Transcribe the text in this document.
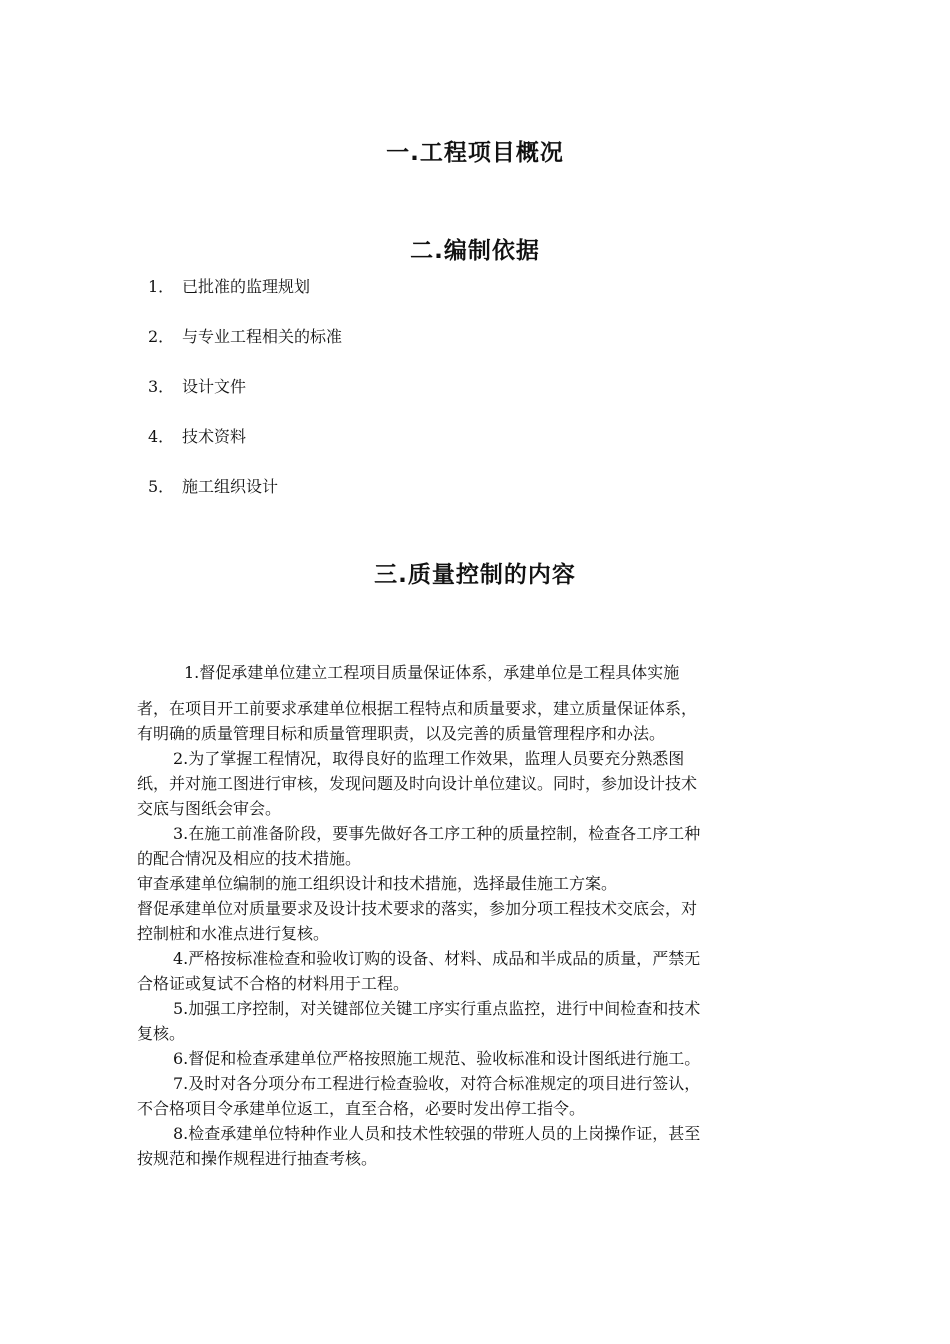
一.工程项目概况
二.编制依据
1． 已批准的监理规划
2． 与专业工程相关的标准
3． 设计文件
4． 技术资料
5． 施工组织设计
三.质量控制的内容

1.督促承建单位建立工程项目质量保证体系，承建单位是工程具体实施

者，在项目开工前要求承建单位根据工程特点和质量要求，建立质量保证体系，

有明确的质量管理目标和质量管理职责，以及完善的质量管理程序和办法。

2.为了掌握工程情况，取得良好的监理工作效果，监理人员要充分熟悉图

纸，并对施工图进行审核，发现问题及时向设计单位建议。同时，参加设计技术

交底与图纸会审会。

3.在施工前准备阶段，要事先做好各工序工种的质量控制，检查各工序工种

的配合情况及相应的技术措施。

审查承建单位编制的施工组织设计和技术措施，选择最佳施工方案。

督促承建单位对质量要求及设计技术要求的落实，参加分项工程技术交底会，对

控制桩和水准点进行复核。

4.严格按标准检查和验收订购的设备、材料、成品和半成品的质量，严禁无

合格证或复试不合格的材料用于工程。

5.加强工序控制，对关键部位关键工序实行重点监控，进行中间检查和技术

复核。

6.督促和检查承建单位严格按照施工规范、验收标准和设计图纸进行施工。

7.及时对各分项分布工程进行检查验收，对符合标准规定的项目进行签认，

不合格项目令承建单位返工，直至合格，必要时发出停工指令。

8.检查承建单位特种作业人员和技术性较强的带班人员的上岗操作证，甚至

按规范和操作规程进行抽查考核。
